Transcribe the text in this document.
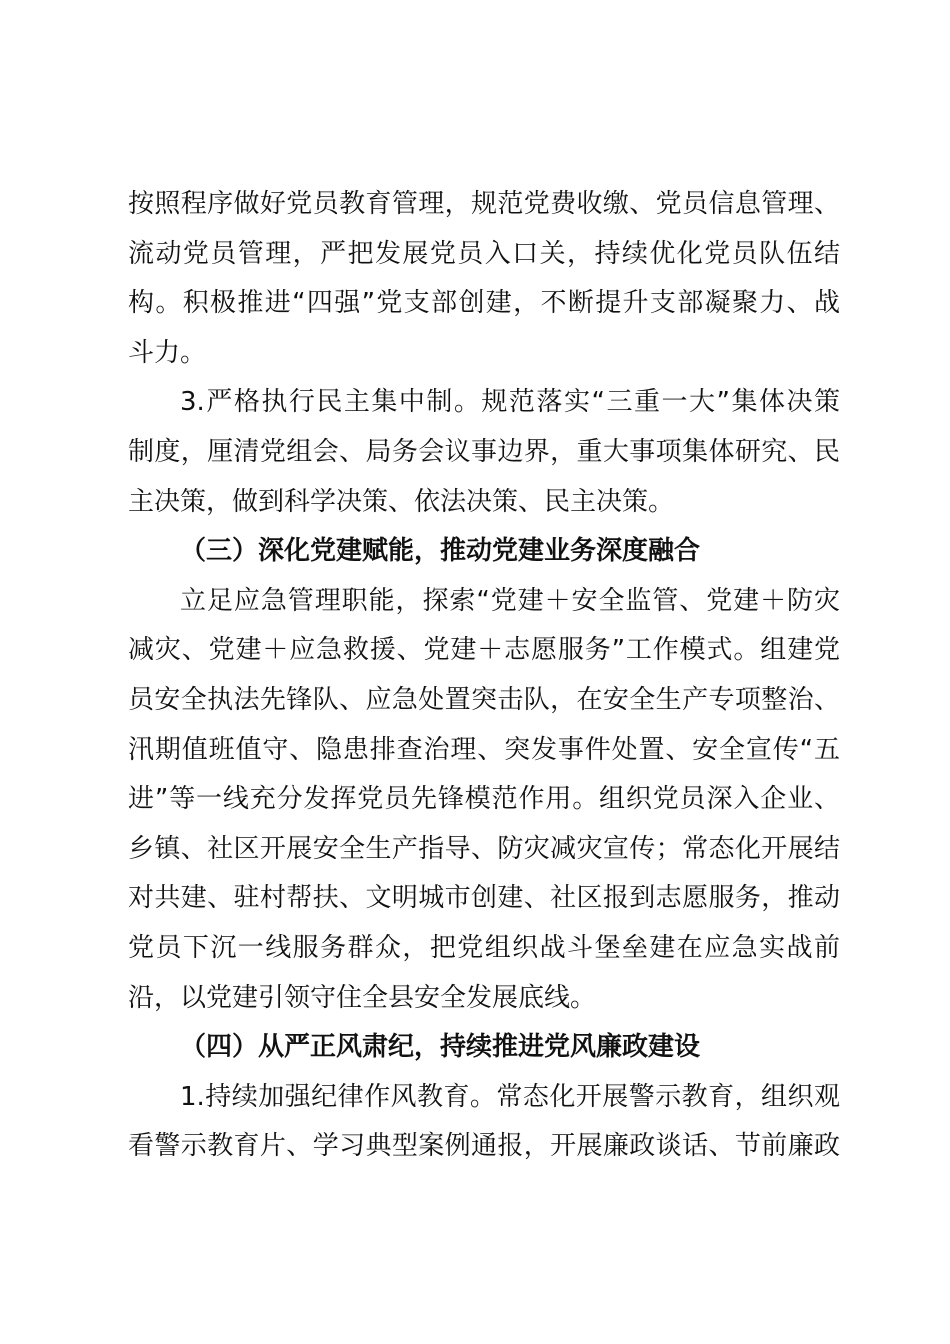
按照程序做好党员教育管理，规范党费收缴、党员信息管理、
流动党员管理，严把发展党员入口关，持续优化党员队伍结
构。积极推进“四强”党支部创建，不断提升支部凝聚力、战
斗力。
3.严格执行民主集中制。规范落实“三重一大”集体决策
制度，厘清党组会、局务会议事边界，重大事项集体研究、民
主决策，做到科学决策、依法决策、民主决策。
（三）深化党建赋能，推动党建业务深度融合
立足应急管理职能，探索“党建＋安全监管、党建＋防灾
减灾、党建＋应急救援、党建＋志愿服务”工作模式。组建党
员安全执法先锋队、应急处置突击队，在安全生产专项整治、
汛期值班值守、隐患排查治理、突发事件处置、安全宣传“五
进”等一线充分发挥党员先锋模范作用。组织党员深入企业、
乡镇、社区开展安全生产指导、防灾减灾宣传；常态化开展结
对共建、驻村帮扶、文明城市创建、社区报到志愿服务，推动
党员下沉一线服务群众，把党组织战斗堡垒建在应急实战前
沿，以党建引领守住全县安全发展底线。
（四）从严正风肃纪，持续推进党风廉政建设
1.持续加强纪律作风教育。常态化开展警示教育，组织观
看警示教育片、学习典型案例通报，开展廉政谈话、节前廉政
